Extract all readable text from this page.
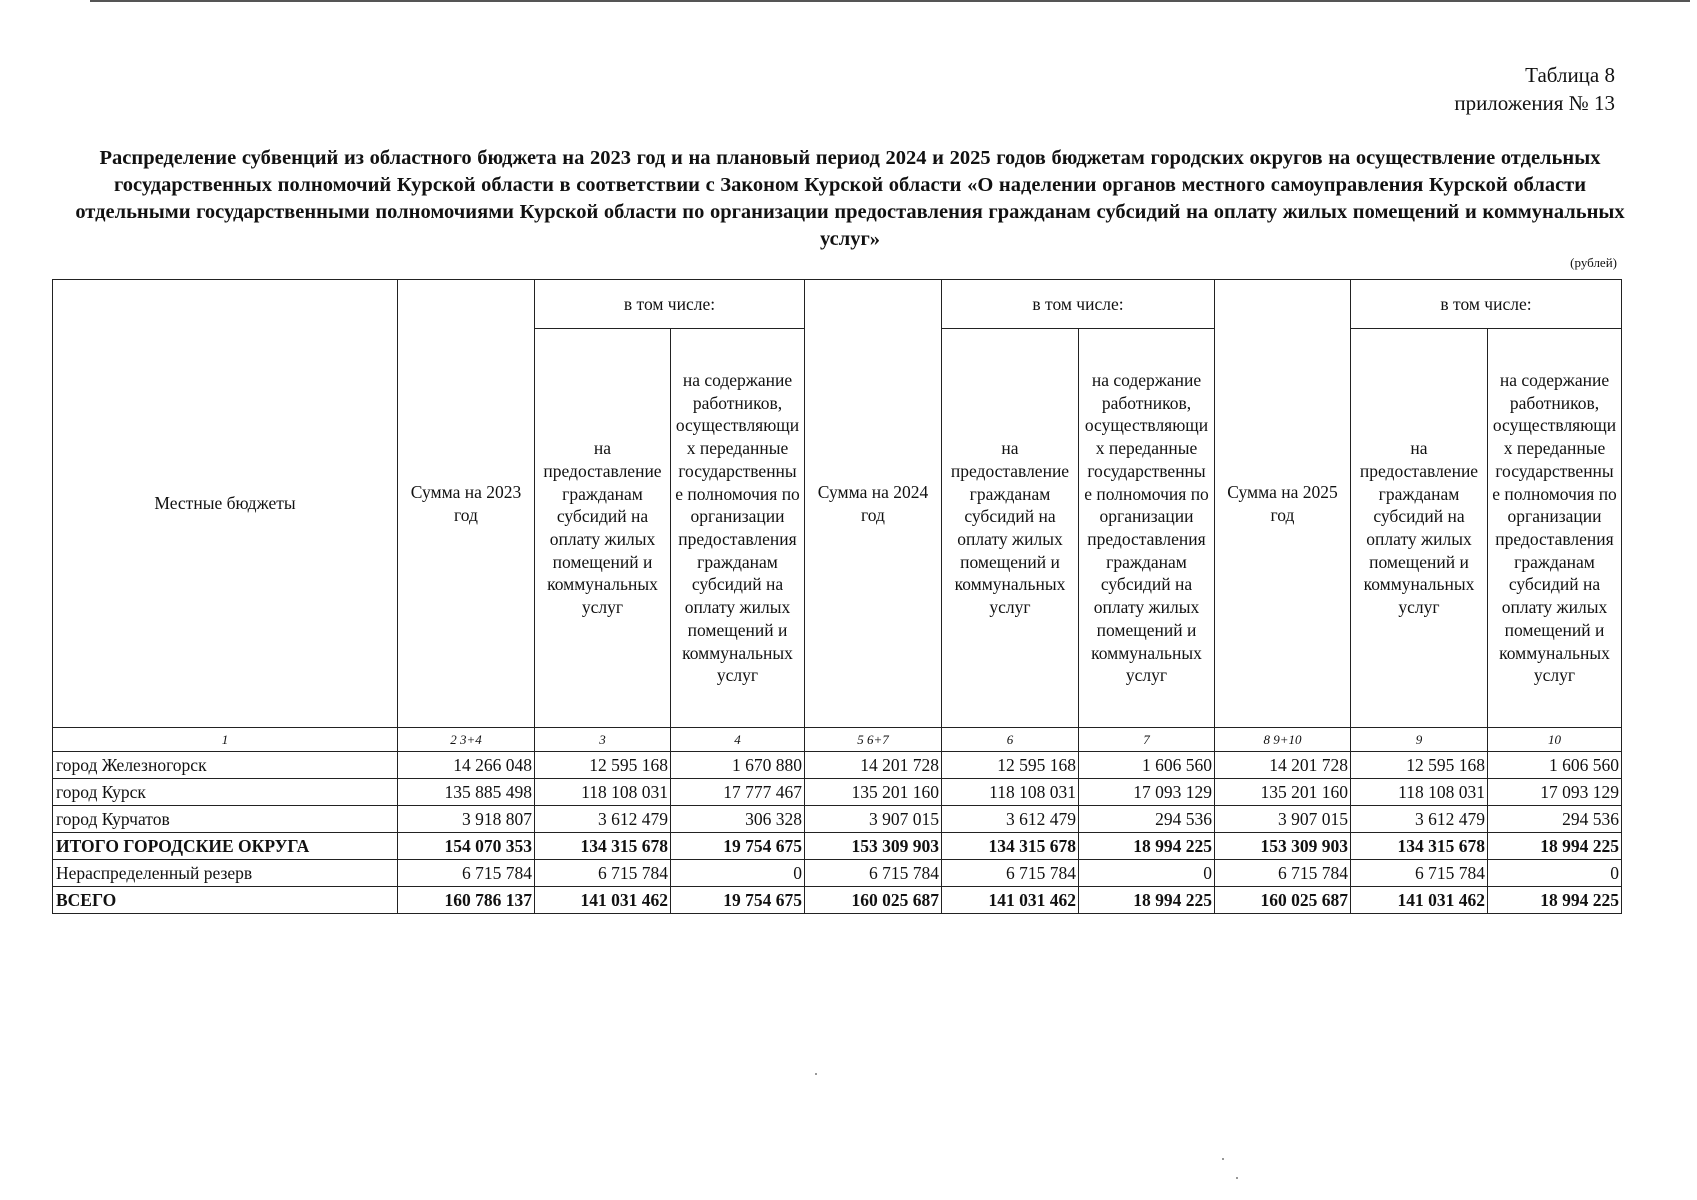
Таблица 8
приложения № 13
Распределение субвенций из областного бюджета на 2023 год и на плановый период 2024 и 2025 годов бюджетам городских округов на осуществление отдельных государственных полномочий Курской области в соответствии с Законом Курской области «О наделении органов местного самоуправления Курской области отдельными государственными полномочиями Курской области по организации предоставления гражданам субсидий на оплату жилых помещений и коммунальных услуг»
(рублей)
Местные бюджеты	Сумма на 2023 год	в том числе:		Сумма на 2024 год	в том числе:		Сумма на 2025 год	в том числе:	
		на предоставление гражданам субсидий на оплату жилых помещений и коммунальных услуг	на содержание работников, осуществляющи х переданные государственны е полномочия по организации предоставления гражданам субсидий на оплату жилых помещений и коммунальных услуг		на предоставление гражданам субсидий на оплату жилых помещений и коммунальных услуг	на содержание работников, осуществляющи х переданные государственны е полномочия по организации предоставления гражданам субсидий на оплату жилых помещений и коммунальных услуг		на предоставление гражданам субсидий на оплату жилых помещений и коммунальных услуг	на содержание работников, осуществляющи х переданные государственны е полномочия по организации предоставления гражданам субсидий на оплату жилых помещений и коммунальных услуг
1	2 3+4	3	4	5 6+7	6	7	8 9+10	9	10
город Железногорск	14 266 048	12 595 168	1 670 880	14 201 728	12 595 168	1 606 560	14 201 728	12 595 168	1 606 560
город Курск	135 885 498	118 108 031	17 777 467	135 201 160	118 108 031	17 093 129	135 201 160	118 108 031	17 093 129
город Курчатов	3 918 807	3 612 479	306 328	3 907 015	3 612 479	294 536	3 907 015	3 612 479	294 536
ИТОГО ГОРОДСКИЕ ОКРУГА	154 070 353	134 315 678	19 754 675	153 309 903	134 315 678	18 994 225	153 309 903	134 315 678	18 994 225
Нераспределенный резерв	6 715 784	6 715 784	0	6 715 784	6 715 784	0	6 715 784	6 715 784	0
ВСЕГО	160 786 137	141 031 462	19 754 675	160 025 687	141 031 462	18 994 225	160 025 687	141 031 462	18 994 225
